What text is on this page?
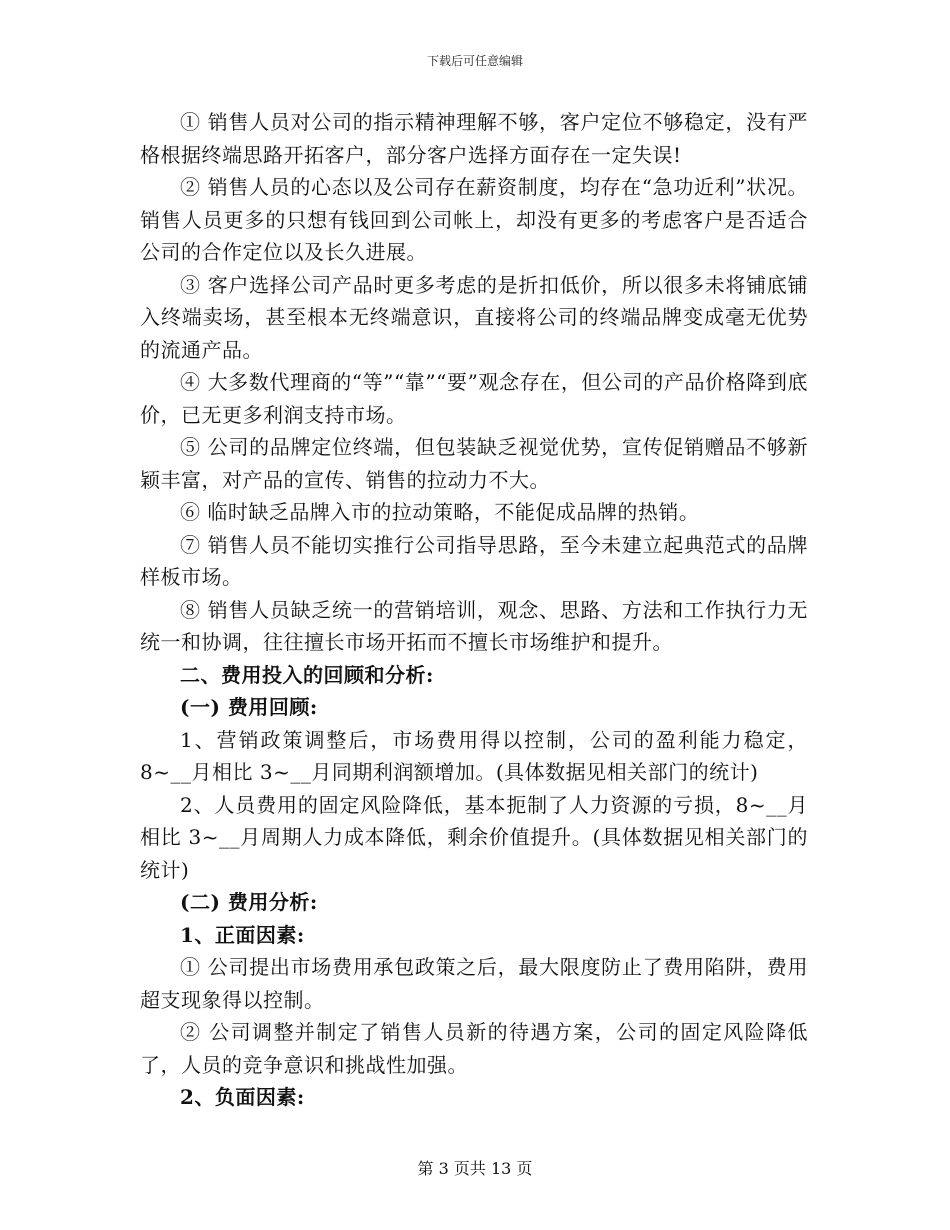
下载后可任意编辑

① 销售人员对公司的指示精神理解不够，客户定位不够稳定，没有严格根据终端思路开拓客户，部分客户选择方面存在一定失误!

② 销售人员的心态以及公司存在薪资制度，均存在“急功近利”状况。销售人员更多的只想有钱回到公司帐上，却没有更多的考虑客户是否适合公司的合作定位以及长久进展。

③ 客户选择公司产品时更多考虑的是折扣低价，所以很多未将铺底铺入终端卖场，甚至根本无终端意识，直接将公司的终端品牌变成毫无优势的流通产品。

④ 大多数代理商的“等”“靠”“要”观念存在，但公司的产品价格降到底价，已无更多利润支持市场。

⑤ 公司的品牌定位终端，但包装缺乏视觉优势，宣传促销赠品不够新颖丰富，对产品的宣传、销售的拉动力不大。

⑥ 临时缺乏品牌入市的拉动策略，不能促成品牌的热销。

⑦ 销售人员不能切实推行公司指导思路，至今未建立起典范式的品牌样板市场。

⑧ 销售人员缺乏统一的营销培训，观念、思路、方法和工作执行力无统一和协调，往往擅长市场开拓而不擅长市场维护和提升。

二、费用投入的回顾和分析:

(一) 费用回顾:

1、营销政策调整后，市场费用得以控制，公司的盈利能力稳定，8~__月相比 3~__月同期利润额增加。(具体数据见相关部门的统计)

2、人员费用的固定风险降低，基本扼制了人力资源的亏损，8~__月相比 3~__月周期人力成本降低，剩余价值提升。(具体数据见相关部门的统计)

(二) 费用分析:

1、正面因素:

① 公司提出市场费用承包政策之后，最大限度防止了费用陷阱，费用超支现象得以控制。

② 公司调整并制定了销售人员新的待遇方案，公司的固定风险降低了，人员的竞争意识和挑战性加强。

2、负面因素:

第 3 页共 13 页
